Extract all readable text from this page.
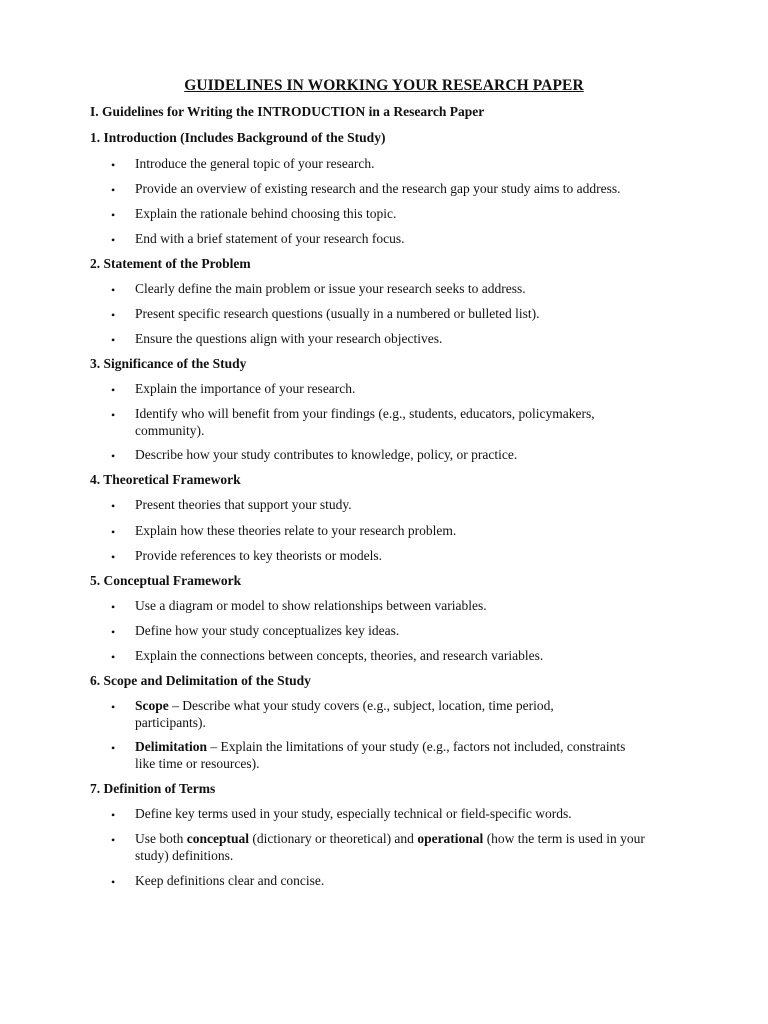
GUIDELINES IN WORKING YOUR RESEARCH PAPER
I. Guidelines for Writing the INTRODUCTION in a Research Paper
1. Introduction (Includes Background of the Study)
•	Introduce the general topic of your research.
•	Provide an overview of existing research and the research gap your study aims to address.
•	Explain the rationale behind choosing this topic.
•	End with a brief statement of your research focus.
2. Statement of the Problem
•	Clearly define the main problem or issue your research seeks to address.
•	Present specific research questions (usually in a numbered or bulleted list).
•	Ensure the questions align with your research objectives.
3. Significance of the Study
•	Explain the importance of your research.
•	Identify who will benefit from your findings (e.g., students, educators, policymakers, community).
•	Describe how your study contributes to knowledge, policy, or practice.
4. Theoretical Framework
•	Present theories that support your study.
•	Explain how these theories relate to your research problem.
•	Provide references to key theorists or models.
5. Conceptual Framework
•	Use a diagram or model to show relationships between variables.
•	Define how your study conceptualizes key ideas.
•	Explain the connections between concepts, theories, and research variables.
6. Scope and Delimitation of the Study
•	Scope – Describe what your study covers (e.g., subject, location, time period, participants).
•	Delimitation – Explain the limitations of your study (e.g., factors not included, constraints like time or resources).
7. Definition of Terms
•	Define key terms used in your study, especially technical or field-specific words.
•	Use both conceptual (dictionary or theoretical) and operational (how the term is used in your study) definitions.
•	Keep definitions clear and concise.
